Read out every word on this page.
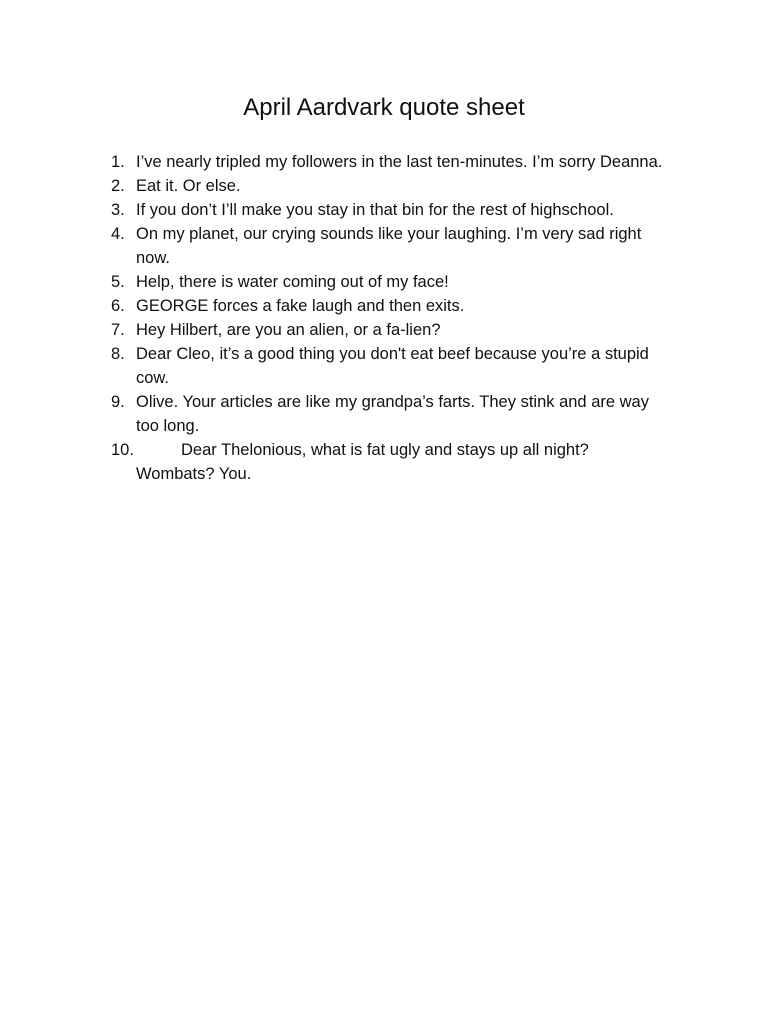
April Aardvark quote sheet
1. I’ve nearly tripled my followers in the last ten-minutes. I’m sorry Deanna.
2. Eat it. Or else.
3. If you don’t I’ll make you stay in that bin for the rest of highschool.
4. On my planet, our crying sounds like your laughing. I’m very sad right now.
5. Help, there is water coming out of my face!
6. GEORGE forces a fake laugh and then exits.
7. Hey Hilbert, are you an alien, or a fa-lien?
8. Dear Cleo, it’s a good thing you don't eat beef because you’re a stupid cow.
9. Olive. Your articles are like my grandpa’s farts. They stink and are way too long.
10.	Dear Thelonious, what is fat ugly and stays up all night? Wombats? You.
